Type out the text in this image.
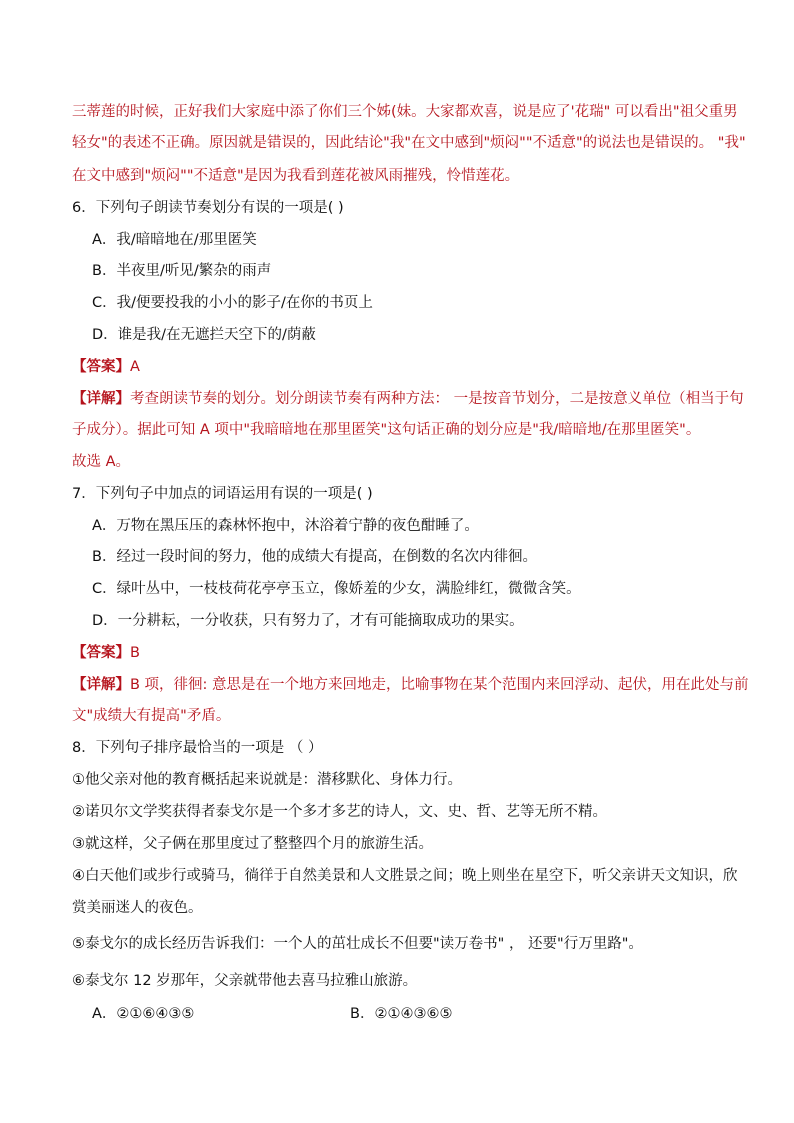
三蒂莲的时候，正好我们大家庭中添了你们三个姊(妹。大家都欢喜，说是应了'花瑞" 可以看出"祖父重男
轻女"的表述不正确。原因就是错误的，因此结论"我"在文中感到"烦闷""不适意"的说法也是错误的。 "我"
在文中感到"烦闷""不适意"是因为我看到莲花被风雨摧残，怜惜莲花。
6．下列句子朗读节奏划分有误的一项是( )
A．我/暗暗地在/那里匿笑
B．半夜里/听见/繁杂的雨声
C．我/便要投我的小小的影子/在你的书页上
D．谁是我/在无遮拦天空下的/荫蔽
【答案】A
【详解】考查朗读节奏的划分。划分朗读节奏有两种方法： 一是按音节划分，二是按意义单位（相当于句
子成分）。据此可知 A 项中"我暗暗地在那里匿笑"这句话正确的划分应是"我/暗暗地/在那里匿笑"。
故选 A。
7．下列句子中加点的词语运用有误的一项是( )
A．万物在黑压压的森林怀抱中，沐浴着宁静的夜色酣睡了。
B．经过一段时间的努力，他的成绩大有提高，在倒数的名次内徘徊。
C．绿叶丛中，一枝枝荷花亭亭玉立，像娇羞的少女，满脸绯红，微微含笑。
D．一分耕耘，一分收获，只有努力了，才有可能摘取成功的果实。
【答案】B
【详解】B 项，徘徊: 意思是在一个地方来回地走，比喻事物在某个范围内来回浮动、起伏，用在此处与前
文"成绩大有提高"矛盾。
8．下列句子排序最恰当的一项是 （ ）
①他父亲对他的教育概括起来说就是：潜移默化、身体力行。
②诺贝尔文学奖获得者泰戈尔是一个多才多艺的诗人，文、史、哲、艺等无所不精。
③就这样，父子俩在那里度过了整整四个月的旅游生活。
④白天他们或步行或骑马，徜徉于自然美景和人文胜景之间；晚上则坐在星空下，听父亲讲天文知识，欣
赏美丽迷人的夜色。
⑤泰戈尔的成长经历告诉我们：一个人的茁壮成长不但要"读万卷书" ， 还要"行万里路"。
⑥泰戈尔 12 岁那年，父亲就带他去喜马拉雅山旅游。
A．②①⑥④③⑤	B．②①④③⑥⑤
